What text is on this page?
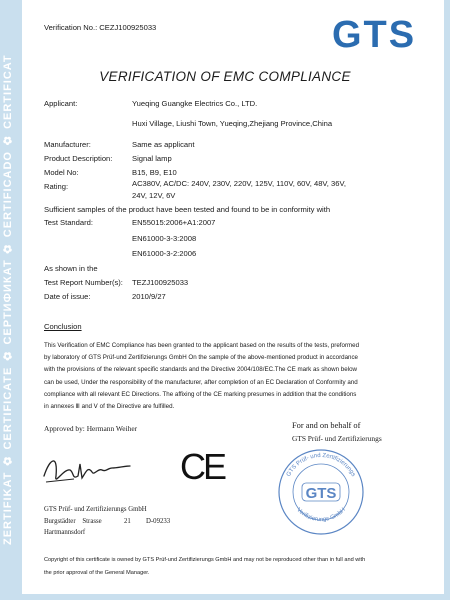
ZERTIFIKAT ✿ CERTIFICATE ✿ СЕРТИФИКАТ ✿ CERTIFICADO ✿ CERTIFICAT
Verification No.: CEZJ100925033	GTS
VERIFICATION OF EMC COMPLIANCE
Applicant:	Yueqing Guangke Electrics Co., LTD.
Huxi Village, Liushi Town, Yueqing,Zhejiang Province,China
Manufacturer:	Same as applicant
Product Description:	Signal lamp
Model No:	B15, B9, E10
Rating:	AC380V, AC/DC: 240V, 230V, 220V, 125V, 110V, 60V, 48V, 36V,
24V, 12V, 6V
Sufficient samples of the product have been tested and found to be in conformity with
Test Standard:	EN55015:2006+A1:2007
EN61000-3-3:2008
EN61000-3-2:2006
As shown in the
Test Report Number(s): TEZJ100925033
Date of issue:	2010/9/27
Conclusion
This Verification of EMC Compliance has been granted to the applicant based on the results of the tests, preformed
by laboratory of GTS Prüf-und Zertifizierungs GmbH On the sample of the above-mentioned product in accordance
with the provisions of the relevant specific standards and the Directive 2004/108/EC.The CE mark as shown below
can be used, Under the responsibility of the manufacturer, after completion of an EC Declaration of Conformity and
compliance with all relevant EC Directions. The affixing of the CE marking presumes in addition that the conditions
in annexes Ⅲ and Ⅴ of the Directive are fulfilled.
Approved by: Hermann Weiher	For and on behalf of
GTS Prüf- und Zertifizierungs
CE	GTS Prüf- und Zertifizierungs
Verifizierungs GmbH
GTS
GTS Prüf- und Zertifizierungs GmbH
Burgstädter    Strasse	21 D-09233
Hartmannsdorf
Copyright of this certificate is owned by GTS Prüf-und Zertifizierungs GmbH and may not be reproduced other than in full and with
the prior approval of the General Manager.
